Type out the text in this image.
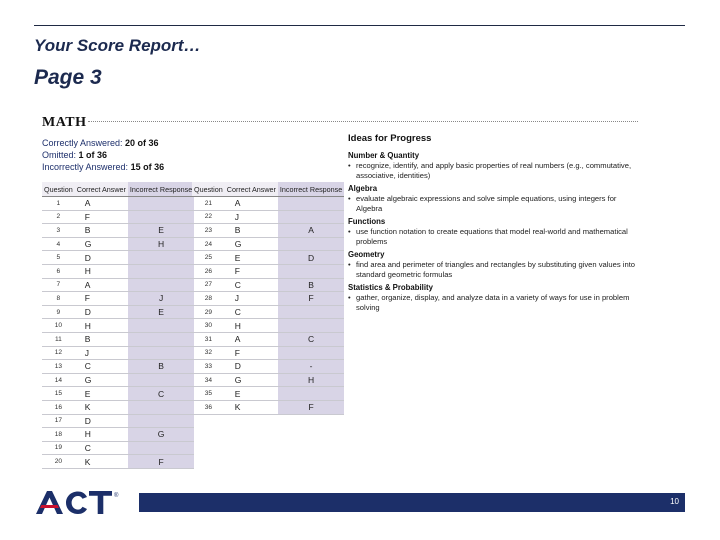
Your Score Report…
Page 3
MATH
Correctly Answered: 20 of 36
Omitted: 1 of 36
Incorrectly Answered: 15 of 36
Question	Correct Answer	Incorrect Response
1	A	
2	F	
3	B	E
4	G	H
5	D	
6	H	
7	A	
8	F	J
9	D	E
10	H	
11	B	
12	J	
13	C	B
14	G	
15	E	C
16	K	
17	D	
18	H	G
19	C	
20	K	F
Question	Correct Answer	Incorrect Response
21	A	
22	J	
23	B	A
24	G	
25	E	D
26	F	
27	C	B
28	J	F
29	C	
30	H	
31	A	C
32	F	
33	D	-
34	G	H
35	E	
36	K	F
Ideas for Progress
Number & Quantity
• recognize, identify, and apply basic properties of real numbers (e.g., commutative, associative, identities)
Algebra
• evaluate algebraic expressions and solve simple equations, using integers for Algebra
Functions
• use function notation to create equations that model real-world and mathematical problems
Geometry
• find area and perimeter of triangles and rectangles by substituting given values into standard geometric formulas
Statistics & Probability
• gather, organize, display, and analyze data in a variety of ways for use in problem solving
®
10
